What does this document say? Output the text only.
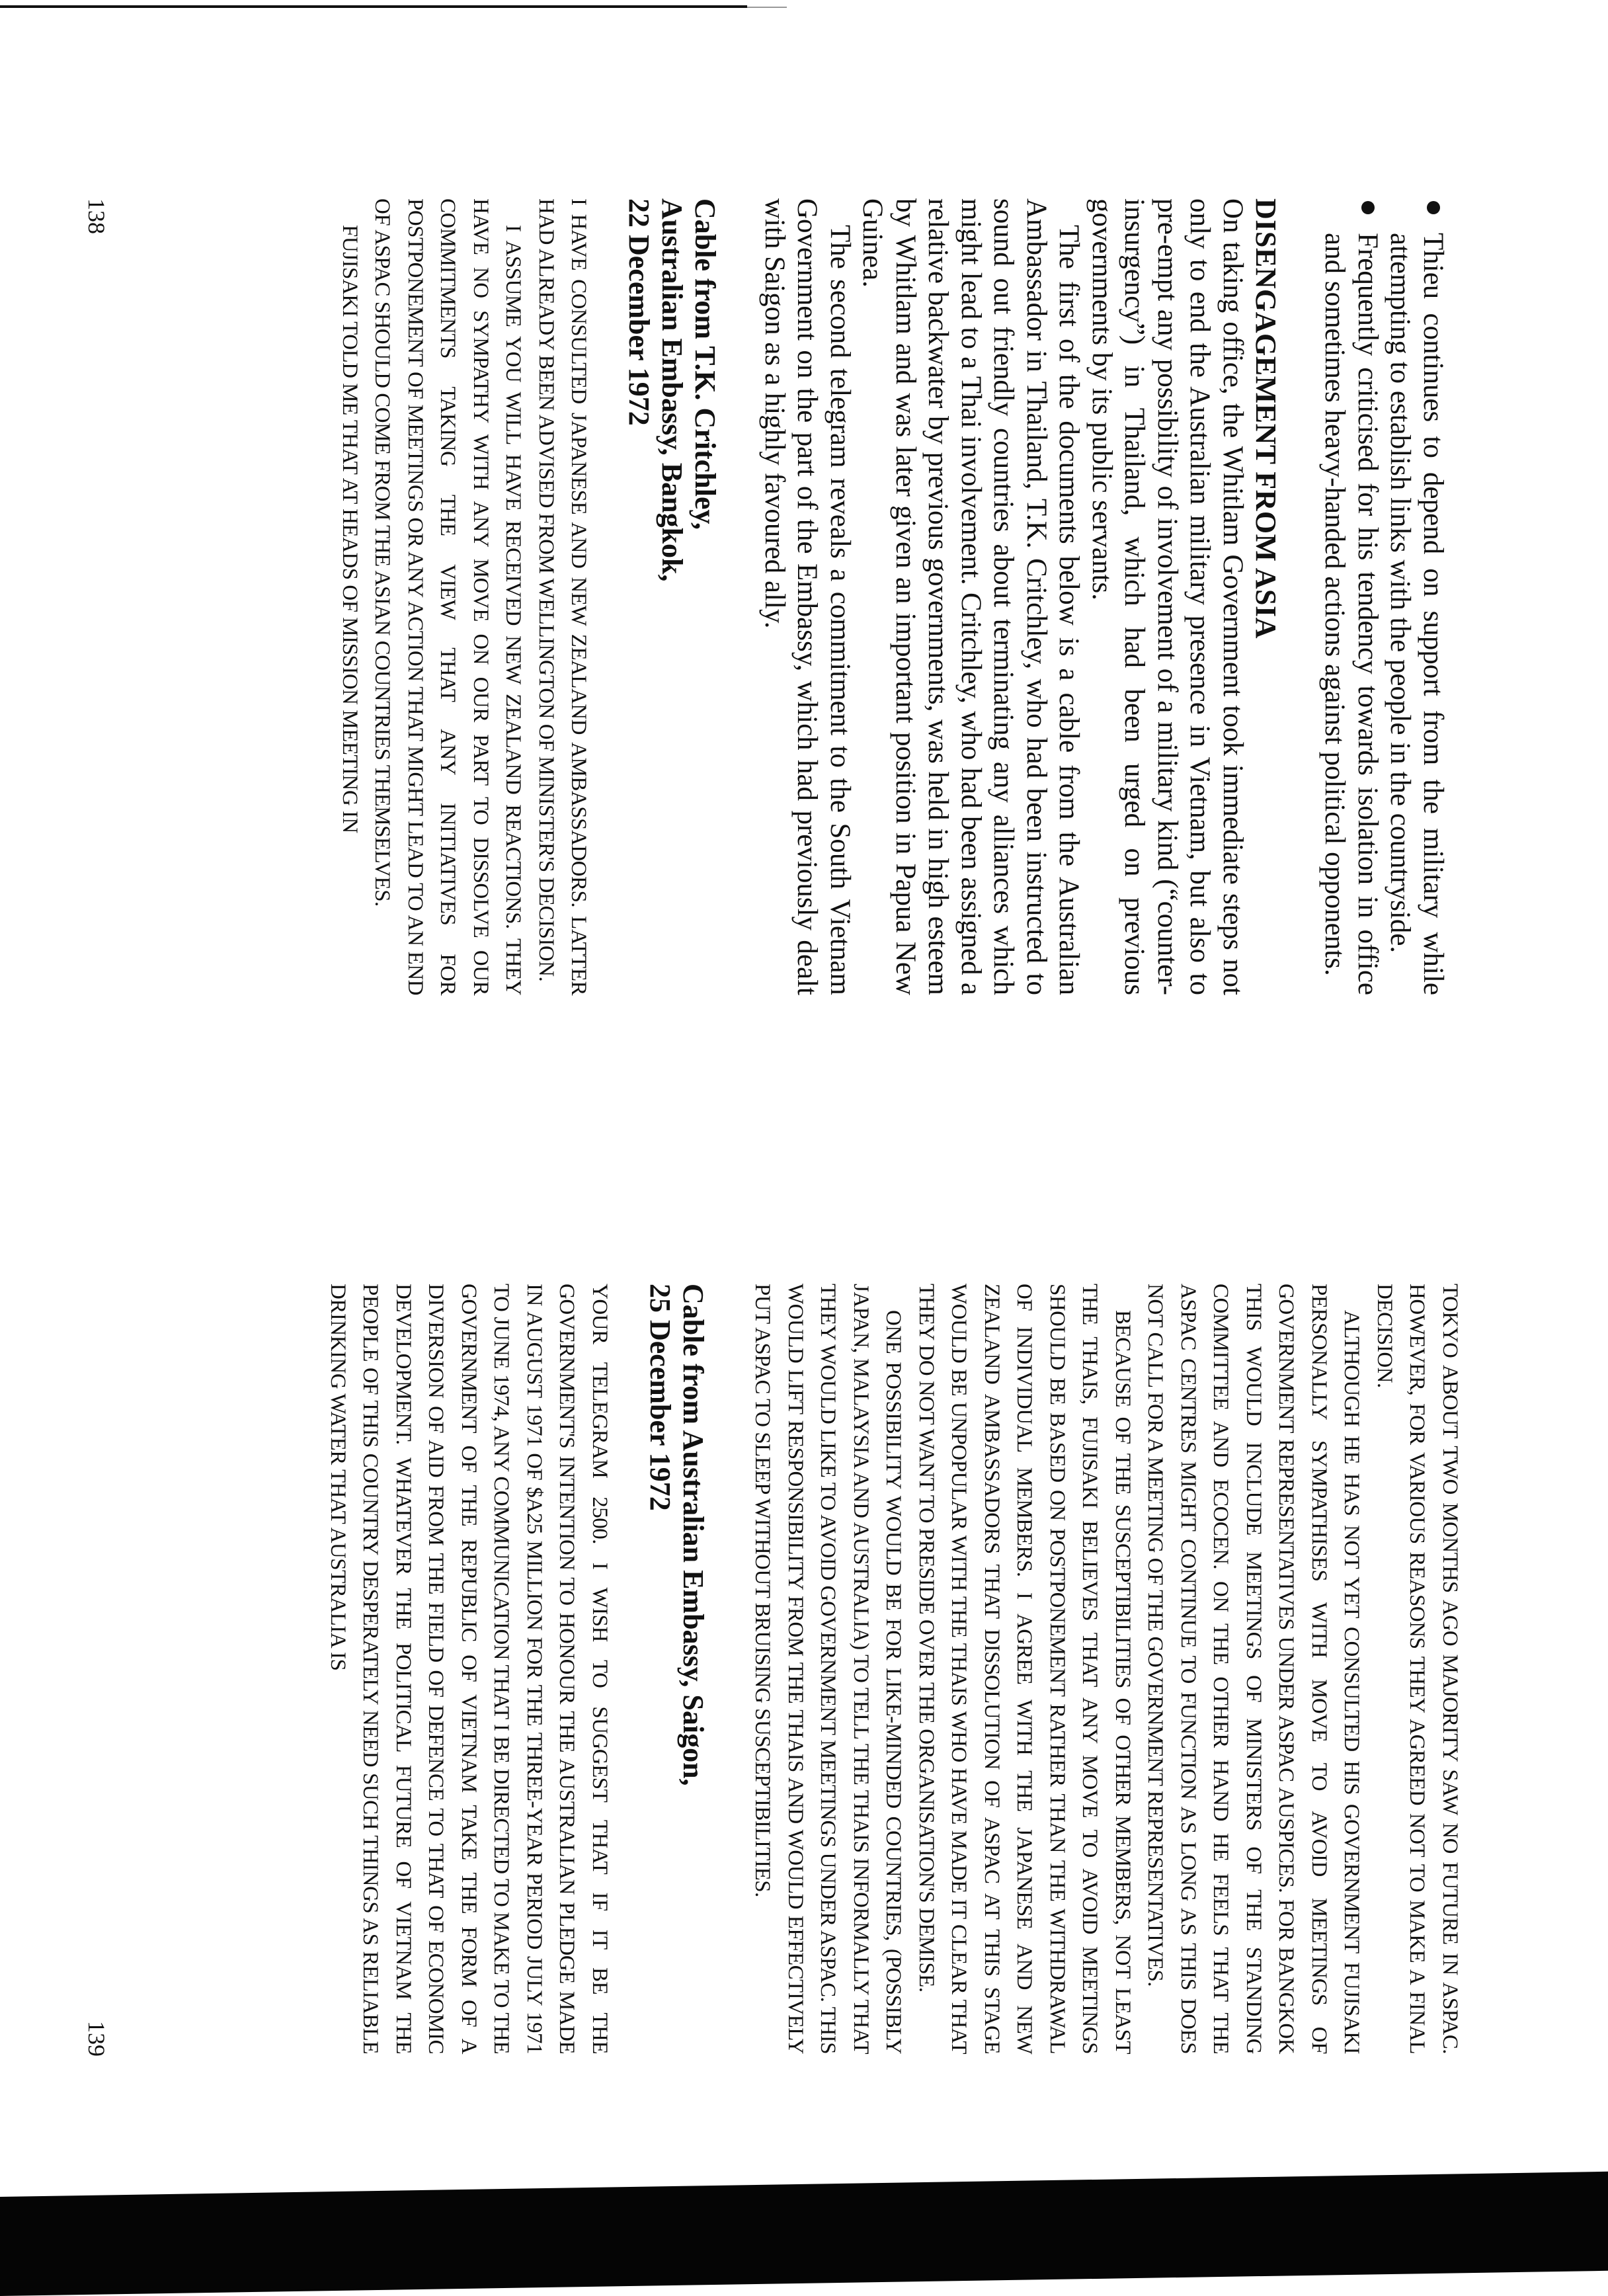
Thieu continues to depend on support from the military while attempting to establish links with the people in the countryside.
Frequently criticised for his tendency towards isolation in office and sometimes heavy-handed actions against political opponents.
DISENGAGEMENT FROM ASIA

On taking office, the Whitlam Government took immediate steps not only to end the Australian military presence in Vietnam, but also to pre-empt any possibility of involvement of a military kind (“counter-insurgency”) in Thailand, which had been urged on previous governments by its public servants.

The first of the documents below is a cable from the Australian Ambassador in Thailand, T.K. Critchley, who had been instructed to sound out friendly countries about terminating any alliances which might lead to a Thai involvement. Critchley, who had been assigned a relative backwater by previous governments, was held in high esteem by Whitlam and was later given an important position in Papua New Guinea.

The second telegram reveals a commitment to the South Vietnam Government on the part of the Embassy, which had previously dealt with Saigon as a highly favoured ally.

Cable from T.K. Critchley,
Australian Embassy, Bangkok,
22 December 1972

I HAVE CONSULTED JAPANESE AND NEW ZEALAND AMBASSADORS. LATTER HAD ALREADY BEEN ADVISED FROM WELLINGTON OF MINISTER'S DECISION.

I ASSUME YOU WILL HAVE RECEIVED NEW ZEALAND REACTIONS. THEY HAVE NO SYMPATHY WITH ANY MOVE ON OUR PART TO DISSOLVE OUR COMMITMENTS TAKING THE VIEW THAT ANY INITIATIVES FOR POSTPONEMENT OF MEETINGS OR ANY ACTION THAT MIGHT LEAD TO AN END OF ASPAC SHOULD COME FROM THE ASIAN COUNTRIES THEMSELVES.

FUJISAKI TOLD ME THAT AT HEADS OF MISSION MEETING IN

138

TOKYO ABOUT TWO MONTHS AGO MAJORITY SAW NO FUTURE IN ASPAC. HOWEVER, FOR VARIOUS REASONS THEY AGREED NOT TO MAKE A FINAL DECISION.

ALTHOUGH HE HAS NOT YET CONSULTED HIS GOVERNMENT FUJISAKI PERSONALLY SYMPATHISES WITH MOVE TO AVOID MEETINGS OF GOVERNMENT REPRESENTATIVES UNDER ASPAC AUSPICES. FOR BANGKOK THIS WOULD INCLUDE MEETINGS OF MINISTERS OF THE STANDING COMMITTEE AND ECOCEN. ON THE OTHER HAND HE FEELS THAT THE ASPAC CENTRES MIGHT CONTINUE TO FUNCTION AS LONG AS THIS DOES NOT CALL FOR A MEETING OF THE GOVERNMENT REPRESENTATIVES.

BECAUSE OF THE SUSCEPTIBILITIES OF OTHER MEMBERS, NOT LEAST THE THAIS, FUJISAKI BELIEVES THAT ANY MOVE TO AVOID MEETINGS SHOULD BE BASED ON POSTPONEMENT RATHER THAN THE WITHDRAWAL OF INDIVIDUAL MEMBERS. I AGREE WITH THE JAPANESE AND NEW ZEALAND AMBASSADORS THAT DISSOLUTION OF ASPAC AT THIS STAGE WOULD BE UNPOPULAR WITH THE THAIS WHO HAVE MADE IT CLEAR THAT THEY DO NOT WANT TO PRESIDE OVER THE ORGANISATION'S DEMISE.

ONE POSSIBILITY WOULD BE FOR LIKE-MINDED COUNTRIES, (POSSIBLY JAPAN, MALAYSIA AND AUSTRALIA) TO TELL THE THAIS INFORMALLY THAT THEY WOULD LIKE TO AVOID GOVERNMENT MEETINGS UNDER ASPAC. THIS WOULD LIFT RESPONSIBILITY FROM THE THAIS AND WOULD EFFECTIVELY PUT ASPAC TO SLEEP WITHOUT BRUISING SUSCEPTIBILITIES.

Cable from Australian Embassy, Saigon,
25 December 1972

YOUR TELEGRAM 2500. I WISH TO SUGGEST THAT IF IT BE THE GOVERNMENT'S INTENTION TO HONOUR THE AUSTRALIAN PLEDGE MADE IN AUGUST 1971 OF $A25 MILLION FOR THE THREE-YEAR PERIOD JULY 1971 TO JUNE 1974, ANY COMMUNICATION THAT I BE DIRECTED TO MAKE TO THE GOVERNMENT OF THE REPUBLIC OF VIETNAM TAKE THE FORM OF A DIVERSION OF AID FROM THE FIELD OF DEFENCE TO THAT OF ECONOMIC DEVELOPMENT. WHATEVER THE POLITICAL FUTURE OF VIETNAM THE PEOPLE OF THIS COUNTRY DESPERATELY NEED SUCH THINGS AS RELIABLE DRINKING WATER THAT AUSTRALIA IS

139
